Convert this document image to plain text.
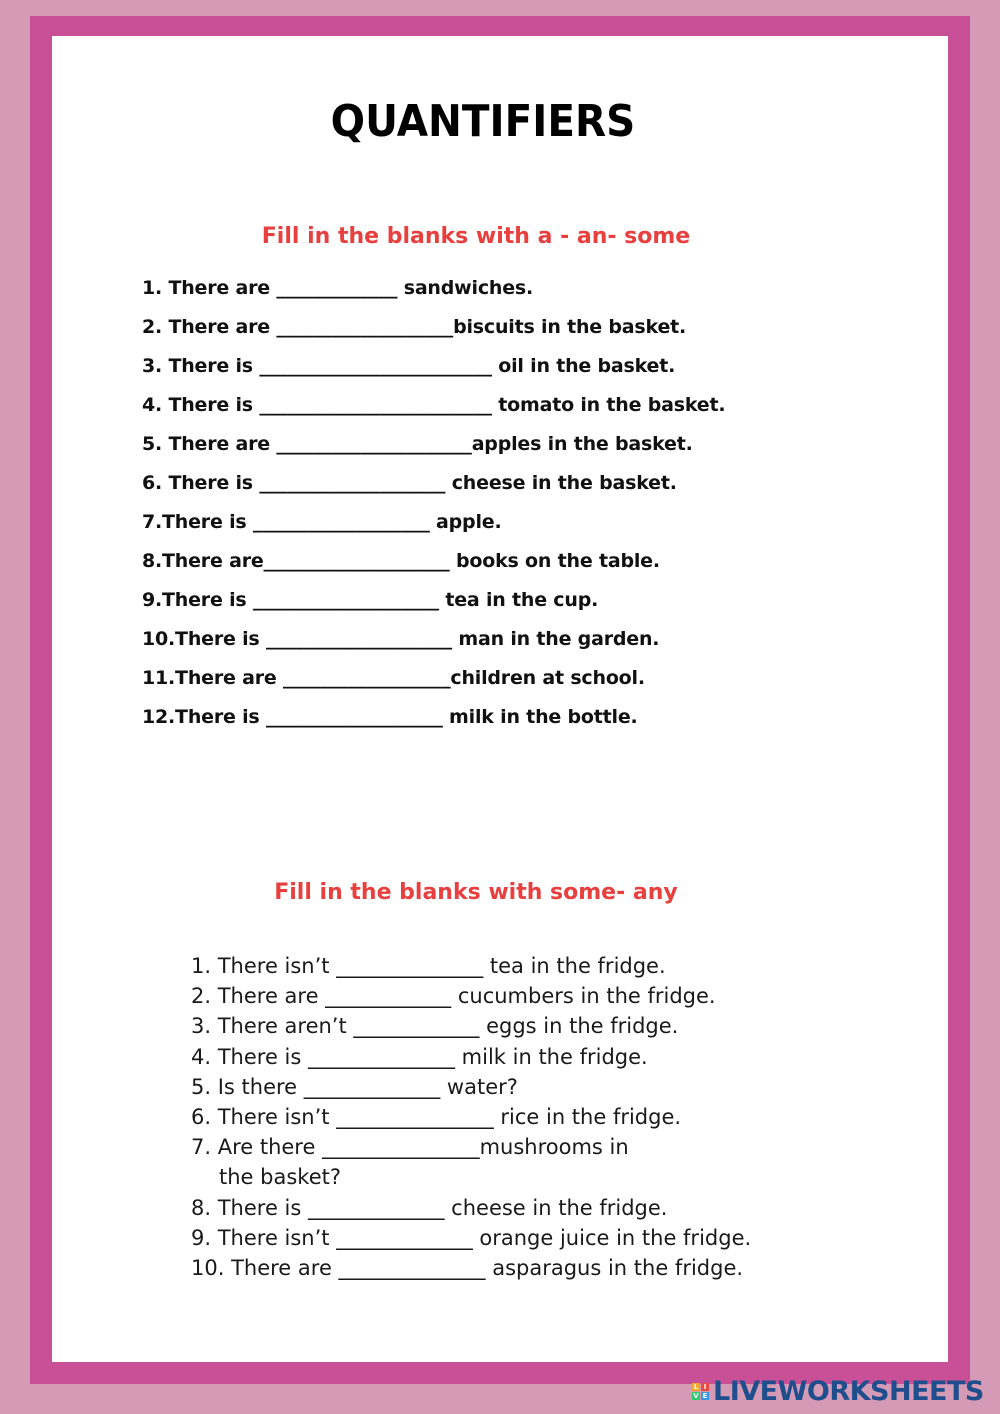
QUANTIFIERS
Fill in the blanks with a - an- some
1. There are _____________ sandwiches.
2. There are ___________________biscuits in the basket.
3. There is _________________________ oil in the basket.
4. There is _________________________ tomato in the basket.
5. There are _____________________apples in the basket.
6. There is ____________________ cheese in the basket.
7.There is ___________________ apple.
8.There are____________________ books on the table.
9.There is ____________________ tea in the cup.
10.There is ____________________ man in the garden.
11.There are __________________children at school.
12.There is ___________________ milk in the bottle.
Fill in the blanks with some- any
1. There isn’t ______________ tea in the fridge.
2. There are ____________ cucumbers in the fridge.
3. There aren’t ____________ eggs in the fridge.
4. There is ______________ milk in the fridge.
5. Is there _____________ water?
6. There isn’t _______________ rice in the fridge.
7. Are there _______________mushrooms in
the basket?
8. There is _____________ cheese in the fridge.
9. There isn’t _____________ orange juice in the fridge.
10. There are ______________ asparagus in the fridge.
L I
V E LIVEWORKSHEETS
